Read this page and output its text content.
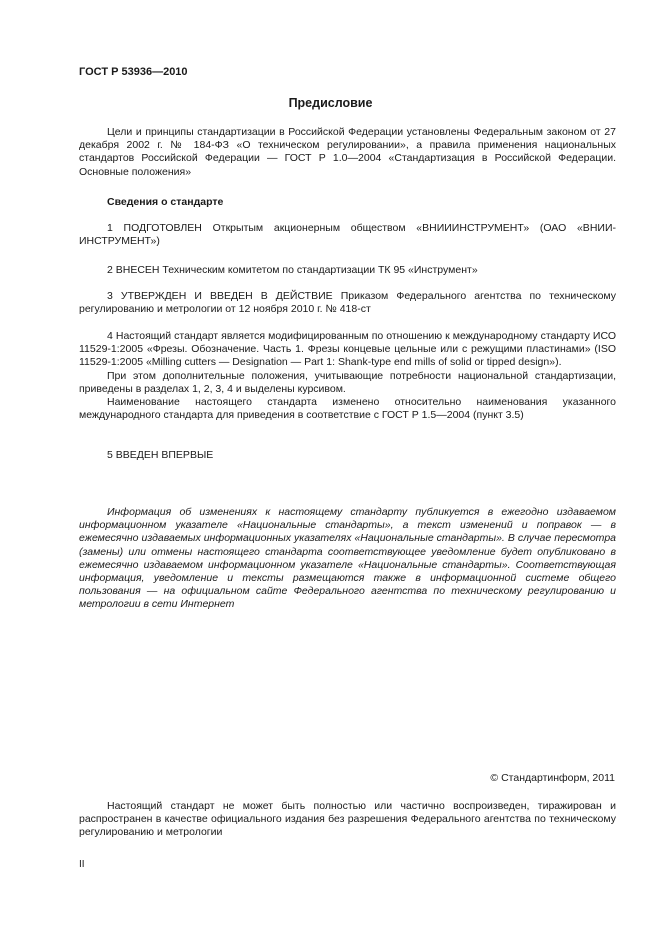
ГОСТ Р 53936—2010
Предисловие

Цели и принципы стандартизации в Российской Федерации установлены Федеральным законом от 27 декабря 2002 г. № 184-ФЗ «О техническом регулировании», а правила применения национальных стандартов Российской Федерации — ГОСТ Р 1.0—2004 «Стандартизация в Российской Федерации. Основные положения»

Сведения о стандарте

1 ПОДГОТОВЛЕН Открытым акционерным обществом «ВНИИИНСТРУМЕНТ» (ОАО «ВНИИ-ИНСТРУМЕНТ»)

2 ВНЕСЕН Техническим комитетом по стандартизации ТК 95 «Инструмент»

3 УТВЕРЖДЕН И ВВЕДЕН В ДЕЙСТВИЕ Приказом Федерального агентства по техническому регулированию и метрологии от 12 ноября 2010 г. № 418-ст

4 Настоящий стандарт является модифицированным по отношению к международному стандарту ИСО 11529-1:2005 «Фрезы. Обозначение. Часть 1. Фрезы концевые цельные или с режущими пластинами» (ISO 11529-1:2005 «Milling cutters — Designation — Part 1: Shank-type end mills of solid or tipped design»).

При этом дополнительные положения, учитывающие потребности национальной стандартизации, приведены в разделах 1, 2, 3, 4 и выделены курсивом.

Наименование настоящего стандарта изменено относительно наименования указанного международного стандарта для приведения в соответствие с ГОСТ Р 1.5—2004 (пункт 3.5)

5 ВВЕДЕН ВПЕРВЫЕ

Информация об изменениях к настоящему стандарту публикуется в ежегодно издаваемом информационном указателе «Национальные стандарты», а текст изменений и поправок — в ежемесячно издаваемых информационных указателях «Национальные стандарты». В случае пересмотра (замены) или отмены настоящего стандарта соответствующее уведомление будет опубликовано в ежемесячно издаваемом информационном указателе «Национальные стандарты». Соответствующая информация, уведомление и тексты размещаются также в информационной системе общего пользования — на официальном сайте Федерального агентства по техническому регулированию и метрологии в сети Интернет

© Стандартинформ, 2011

Настоящий стандарт не может быть полностью или частично воспроизведен, тиражирован и распространен в качестве официального издания без разрешения Федерального агентства по техническому регулированию и метрологии

II
